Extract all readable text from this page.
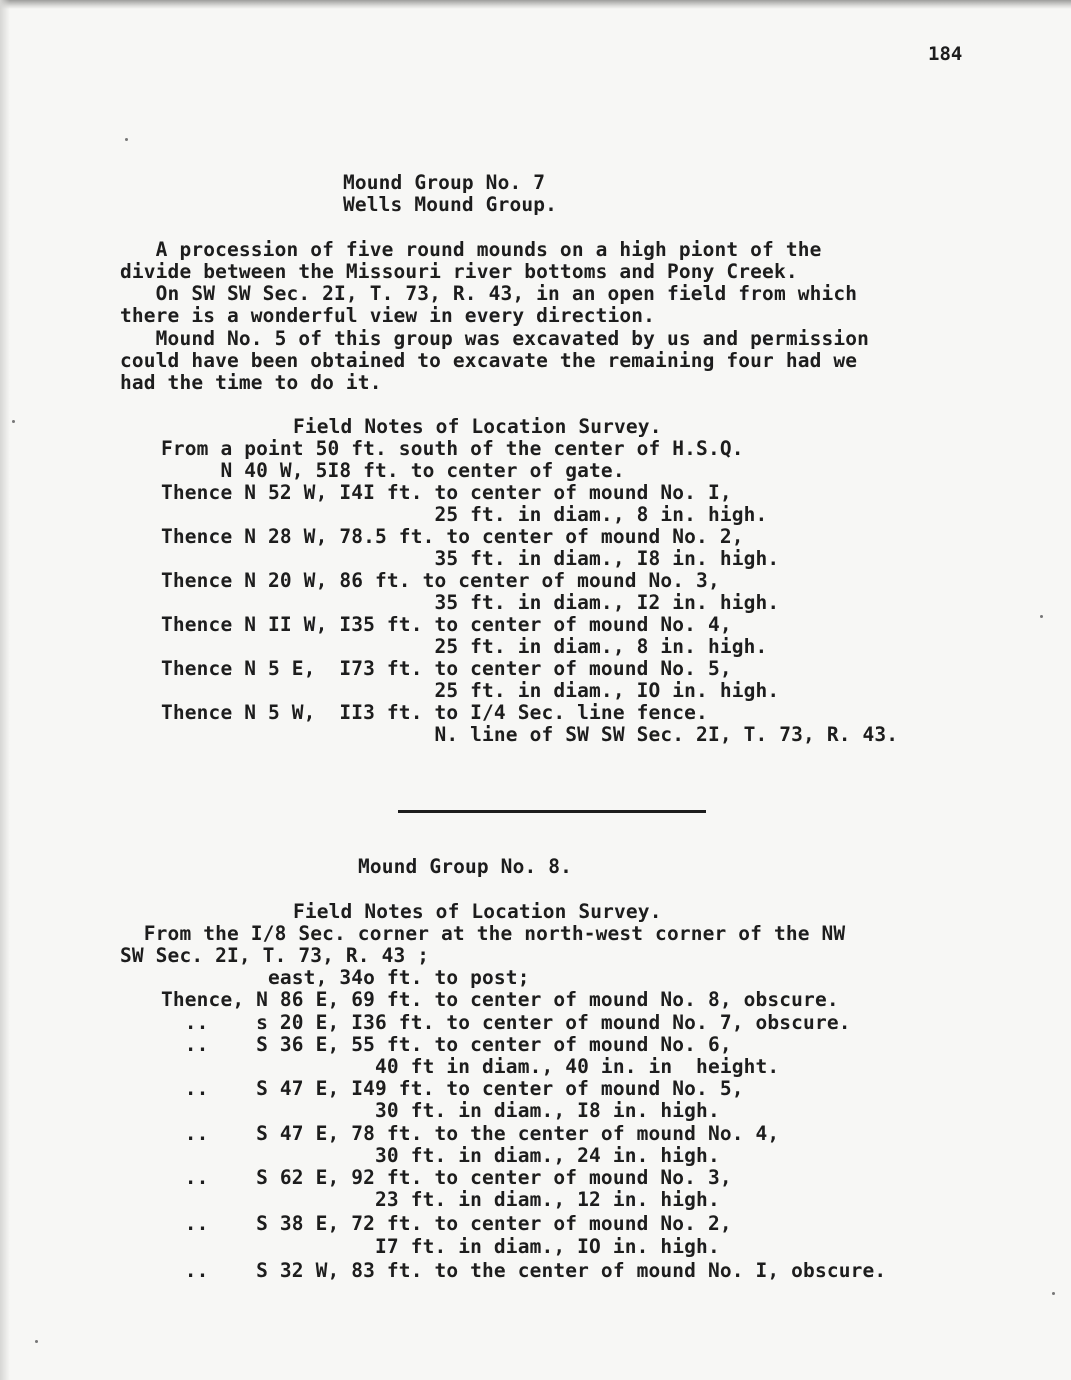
184
Mound Group No. 7
Wells Mound Group.
A procession of five round mounds on a high piont of the
divide between the Missouri river bottoms and Pony Creek.
On SW SW Sec. 2I, T. 73, R. 43, in an open field from which
there is a wonderful view in every direction.
Mound No. 5 of this group was excavated by us and permission
could have been obtained to excavate the remaining four had we
had the time to do it.
Field Notes of Location Survey.
From a point 50 ft. south of the center of H.S.Q.
N 40 W, 5I8 ft. to center of gate.
Thence N 52 W, I4I ft. to center of mound No. I,
25 ft. in diam., 8 in. high.
Thence N 28 W, 78.5 ft. to center of mound No. 2,
35 ft. in diam., I8 in. high.
Thence N 20 W, 86 ft. to center of mound No. 3,
35 ft. in diam., I2 in. high.
Thence N II W, I35 ft. to center of mound No. 4,
25 ft. in diam., 8 in. high.
Thence N 5 E,  I73 ft. to center of mound No. 5,
25 ft. in diam., IO in. high.
Thence N 5 W,  II3 ft. to I/4 Sec. line fence.
N. line of SW SW Sec. 2I, T. 73, R. 43.
Mound Group No. 8.
Field Notes of Location Survey.
From the I/8 Sec. corner at the north-west corner of the NW
SW Sec. 2I, T. 73, R. 43 ;
east, 34o ft. to post;
Thence, N 86 E, 69 ft. to center of mound No. 8, obscure.
..    s 20 E, I36 ft. to center of mound No. 7, obscure.
..    S 36 E, 55 ft. to center of mound No. 6,
40 ft in diam., 40 in. in  height.
..    S 47 E, I49 ft. to center of mound No. 5,
30 ft. in diam., I8 in. high.
..    S 47 E, 78 ft. to the center of mound No. 4,
30 ft. in diam., 24 in. high.
..    S 62 E, 92 ft. to center of mound No. 3,
23 ft. in diam., 12 in. high.
..    S 38 E, 72 ft. to center of mound No. 2,
I7 ft. in diam., IO in. high.
..    S 32 W, 83 ft. to the center of mound No. I, obscure.
